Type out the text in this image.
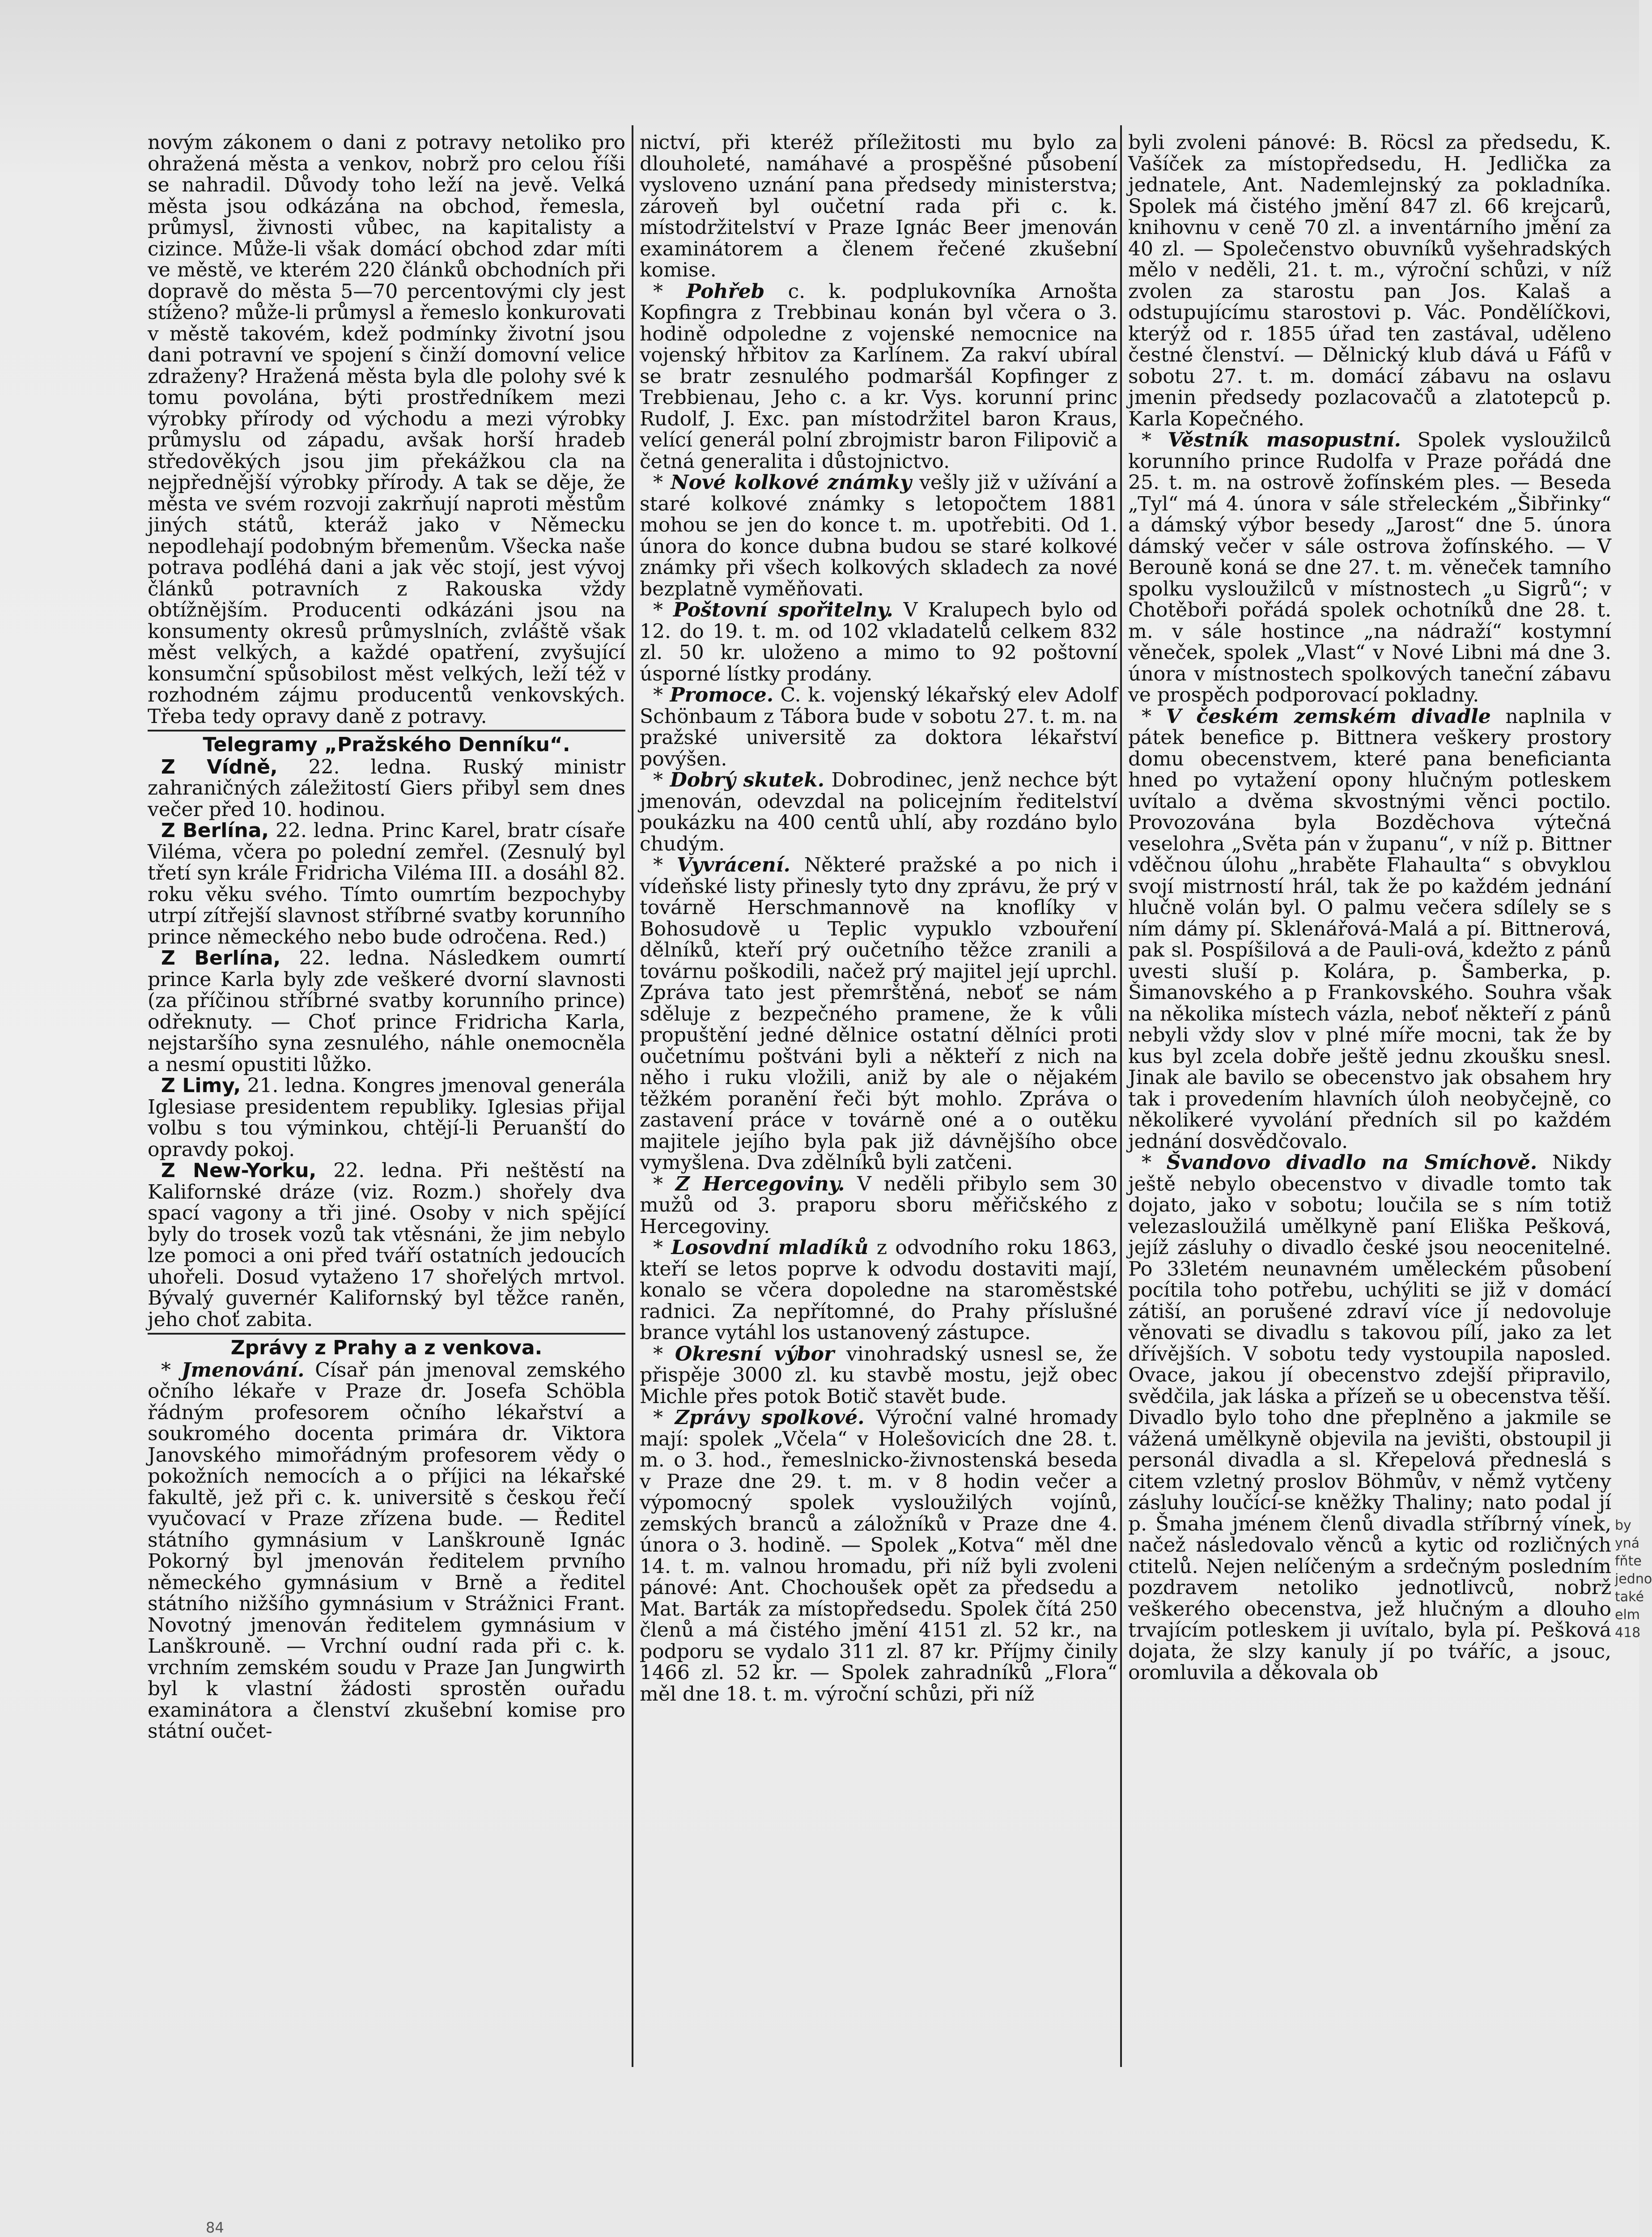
novým zákonem o dani z potravy netoliko pro ohražená města a venkov, nobrž pro celou říši se nahradil. Důvody toho leží na jevě. Velká města jsou odkázána na obchod, řemesla, průmysl, živnosti vůbec, na kapitalisty a cizince. Může-li však domácí obchod zdar míti ve městě, ve kterém 220 článků obchodních při dopravě do města 5—70 percentovými cly jest stíženo? může-li průmysl a řemeslo konkurovati v městě takovém, kdež podmínky životní jsou dani potravní ve spojení s činží domovní velice zdraženy? Hražená města byla dle polohy své k tomu povolána, býti prostředníkem mezi výrobky přírody od východu a mezi výrobky průmyslu od západu, avšak horší hradeb středověkých jsou jim překážkou cla na nejpřednější výrobky přírody. A tak se děje, že města ve svém rozvoji zakrňují naproti městům jiných států, kteráž jako v Německu nepodlehají podobným břemenům. Všecka naše potrava podléhá dani a jak věc stojí, jest vývoj článků potravních z Rakouska vždy obtížnějším. Producenti odkázáni jsou na konsumenty okresů průmyslních, zvláště však měst velkých, a každé opatření, zvyšující konsumční spůsobilost měst velkých, leží též v rozhodném zájmu producentů venkovských. Třeba tedy opravy daně z potravy.

Telegramy „Pražského Denníku“.

Z Vídně, 22. ledna. Ruský ministr zahraničných záležitostí Giers přibyl sem dnes večer před 10. hodinou.

Z Berlína, 22. ledna. Princ Karel, bratr císaře Viléma, včera po polední zemřel. (Zesnulý byl třetí syn krále Fridricha Viléma III. a dosáhl 82. roku věku svého. Tímto oumrtím bezpochyby utrpí zítřejší slavnost stříbrné svatby korunního prince německého nebo bude odročena. Red.)

Z Berlína, 22. ledna. Následkem oumrtí prince Karla byly zde veškeré dvorní slavnosti (za příčinou stříbrné svatby korunního prince) odřeknuty. — Choť prince Fridricha Karla, nejstaršího syna zesnulého, náhle onemocněla a nesmí opustiti lůžko.

Z Limy, 21. ledna. Kongres jmenoval generála Iglesiase presidentem republiky. Iglesias přijal volbu s tou výminkou, chtějí-li Peruanští do opravdy pokoj.

Z New-Yorku, 22. ledna. Při neštěstí na Kalifornské dráze (viz. Rozm.) shořely dva spací vagony a tři jiné. Osoby v nich spějící byly do trosek vozů tak vtěsnáni, že jim nebylo lze pomoci a oni před tváří ostatních jedoucích uhořeli. Dosud vytaženo 17 shořelých mrtvol. Bývalý guvernér Kalifornský byl těžce raněn, jeho choť zabita.

Zprávy z Prahy a z venkova.

* Jmenování. Císař pán jmenoval zemského očního lékaře v Praze dr. Josefa Schöbla řádným profesorem očního lékařství a soukromého docenta primára dr. Viktora Janovského mimořádným profesorem vědy o pokožních nemocích a o příjici na lékařské fakultě, jež při c. k. universitě s českou řečí vyučovací v Praze zřízena bude. — Ředitel státního gymnásium v Lanškrouně Ignác Pokorný byl jmenován ředitelem prvního německého gymnásium v Brně a ředitel státního nižšího gymnásium v Strážnici Frant. Novotný jmenován ředitelem gymnásium v Lanškrouně. — Vrchní oudní rada při c. k. vrchním zemském soudu v Praze Jan Jungwirth byl k vlastní žádosti sprostěn ouřadu examinátora a členství zkušební komise pro státní oučet-

nictví, při kteréž příležitosti mu bylo za dlouholeté, namáhavé a prospěšné působení vysloveno uznání pana předsedy ministerstva; zároveň byl oučetní rada při c. k. místodržitelství v Praze Ignác Beer jmenován examinátorem a členem řečené zkušební komise.

* Pohřeb c. k. podplukovníka Arnošta Kopfingra z Trebbinau konán byl včera o 3. hodině odpoledne z vojenské nemocnice na vojenský hřbitov za Karlínem. Za rakví ubíral se bratr zesnulého podmaršál Kopfinger z Trebbienau, Jeho c. a kr. Vys. korunní princ Rudolf, J. Exc. pan místodržitel baron Kraus, velící generál polní zbrojmistr baron Filipovič a četná generalita i důstojnictvo.

* Nové kolkové známky vešly již v užívání a staré kolkové známky s letopočtem 1881 mohou se jen do konce t. m. upotřebiti. Od 1. února do konce dubna budou se staré kolkové známky při všech kolkových skladech za nové bezplatně vyměňovati.

* Poštovní spořitelny. V Kralupech bylo od 12. do 19. t. m. od 102 vkladatelů celkem 832 zl. 50 kr. uloženo a mimo to 92 poštovní úsporné lístky prodány.

* Promoce. C. k. vojenský lékařský elev Adolf Schönbaum z Tábora bude v sobotu 27. t. m. na pražské universitě za doktora lékařství povýšen.

* Dobrý skutek. Dobrodinec, jenž nechce být jmenován, odevzdal na policejním ředitelství poukázku na 400 centů uhlí, aby rozdáno bylo chudým.

* Vyvrácení. Některé pražské a po nich i vídeňské listy přinesly tyto dny zprávu, že prý v továrně Herschmannově na knoflíky v Bohosudově u Teplic vypuklo vzbouření dělníků, kteří prý oučetního těžce zranili a továrnu poškodili, načež prý majitel její uprchl. Zpráva tato jest přemrštěná, neboť se nám sděluje z bezpečného pramene, že k vůli propuštění jedné dělnice ostatní dělníci proti oučetnímu poštváni byli a někteří z nich na něho i ruku vložili, aniž by ale o nějakém těžkém poranění řeči být mohlo. Zpráva o zastavení práce v továrně oné a o outěku majitele jejího byla pak již dávnějšího obce vymyšlena. Dva zdělníků byli zatčeni.

* Z Hercegoviny. V neděli přibylo sem 30 mužů od 3. praporu sboru měřičského z Hercegoviny.

* Losovdní mladíků z odvodního roku 1863, kteří se letos poprve k odvodu dostaviti mají, konalo se včera dopoledne na staroměstské radnici. Za nepřítomné, do Prahy příslušné brance vytáhl los ustanovený zástupce.

* Okresní výbor vinohradský usnesl se, že přispěje 3000 zl. ku stavbě mostu, jejž obec Michle přes potok Botič stavět bude.

* Zprávy spolkové. Výroční valné hromady mají: spolek „Včela“ v Holešovicích dne 28. t. m. o 3. hod., řemeslnicko-živnostenská beseda v Praze dne 29. t. m. v 8 hodin večer a výpomocný spolek vysloužilých vojínů, zemských branců a záložníků v Praze dne 4. února o 3. hodině. — Spolek „Kotva“ měl dne 14. t. m. valnou hromadu, při níž byli zvoleni pánové: Ant. Chochoušek opět za předsedu a Mat. Barták za místopředsedu. Spolek čítá 250 členů a má čistého jmění 4151 zl. 52 kr., na podporu se vydalo 311 zl. 87 kr. Příjmy činily 1466 zl. 52 kr. — Spolek zahradníků „Flora“ měl dne 18. t. m. výroční schůzi, při níž

byli zvoleni pánové: B. Röcsl za předsedu, K. Vašíček za místopředsedu, H. Jedlička za jednatele, Ant. Nademlejnský za pokladníka. Spolek má čistého jmění 847 zl. 66 krejcarů, knihovnu v ceně 70 zl. a inventárního jmění za 40 zl. — Společenstvo obuvníků vyšehradských mělo v neděli, 21. t. m., výroční schůzi, v níž zvolen za starostu pan Jos. Kalaš a odstupujícímu starostovi p. Vác. Pondělíčkovi, kterýž od r. 1855 úřad ten zastával, uděleno čestné členství. — Dělnický klub dává u Fáfů v sobotu 27. t. m. domácí zábavu na oslavu jmenin předsedy pozlacovačů a zlatotepců p. Karla Kopečného.

* Věstník masopustní. Spolek vysloužilců korunního prince Rudolfa v Praze pořádá dne 25. t. m. na ostrově žofínském ples. — Beseda „Tyl“ má 4. února v sále střeleckém „Šibřinky“ a dámský výbor besedy „Jarost“ dne 5. února dámský večer v sále ostrova žofínského. — V Berouně koná se dne 27. t. m. věneček tamního spolku vysloužilců v místnostech „u Sigrů“; v Chotěboři pořádá spolek ochotníků dne 28. t. m. v sále hostince „na nádraží“ kostymní věneček, spolek „Vlast“ v Nové Libni má dne 3. února v místnostech spolkových taneční zábavu ve prospěch podporovací pokladny.

* V českém zemském divadle naplnila v pátek benefice p. Bittnera veškery prostory domu obecenstvem, které pana beneficianta hned po vytažení opony hlučným potleskem uvítalo a dvěma skvostnými věnci poctilo. Provozována byla Bozděchova výtečná veselohra „Světa pán v županu“, v níž p. Bittner vděčnou úlohu „hraběte Flahaulta“ s obvyklou svojí mistrností hrál, tak že po každém jednání hlučně volán byl. O palmu večera sdílely se s ním dámy pí. Sklenářová-Malá a pí. Bittnerová, pak sl. Pospíšilová a de Pauli-ová, kdežto z pánů uvesti sluší p. Kolára, p. Šamberka, p. Šimanovského a p Frankovského. Souhra však na několika místech vázla, neboť někteří z pánů nebyli vždy slov v plné míře mocni, tak že by kus byl zcela dobře ještě jednu zkoušku snesl. Jinak ale bavilo se obecenstvo jak obsahem hry tak i provedením hlavních úloh neobyčejně, co několikeré vyvolání předních sil po každém jednání dosvědčovalo.

* Švandovo divadlo na Smíchově. Nikdy ještě nebylo obecenstvo v divadle tomto tak dojato, jako v sobotu; loučila se s ním totiž velezasloužilá umělkyně paní Eliška Pešková, jejíž zásluhy o divadlo české jsou neocenitelné. Po 33letém neunavném uměleckém působení pocítila toho potřebu, uchýliti se již v domácí zátiší, an porušené zdraví více jí nedovoluje věnovati se divadlu s takovou pílí, jako za let dřívějších. V sobotu tedy vystoupila naposled. Ovace, jakou jí obecenstvo zdejší připravilo, svědčila, jak láska a přízeň se u obecenstva těší. Divadlo bylo toho dne přeplněno a jakmile se vážená umělkyně objevila na jevišti, obstoupil ji personál divadla a sl. Křepelová předneslá s citem vzletný proslov Böhmův, v němž vytčeny zásluhy loučící-se kněžky Thaliny; nato podal jí p. Šmaha jménem členů divadla stříbrný vínek, načež následovalo věnců a kytic od rozličných ctitelů. Nejen nelíčeným a srdečným posledním pozdravem netoliko jednotlivců, nobrž veškerého obecenstva, jež hlučným a dlouho trvajícím potleskem ji uvítalo, byla pí. Pešková dojata, že slzy kanuly jí po tváříc, a jsouc, oromluvila a děkovala ob

by
yná
fňte
jedno
také
elm
418
84
